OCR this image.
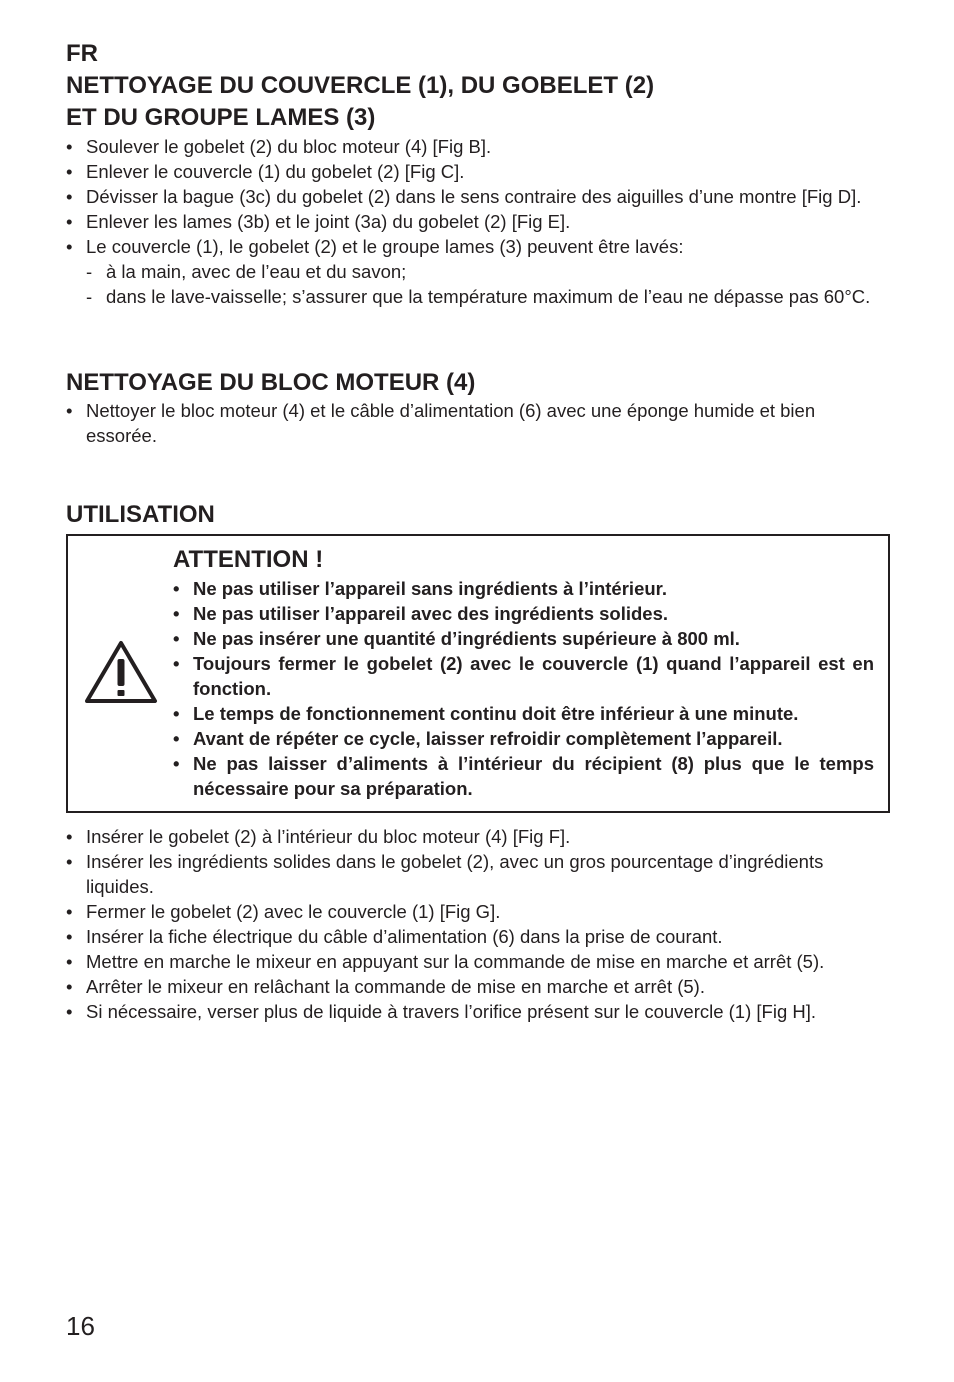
FR
NETTOYAGE DU COUVERCLE (1), DU GOBELET (2)
ET DU GROUPE LAMES (3)
• Soulever le gobelet (2) du bloc moteur (4) [Fig B].
• Enlever le couvercle (1) du gobelet (2) [Fig C].
• Dévisser la bague (3c) du gobelet (2) dans le sens contraire des aiguilles d’une montre [Fig D].
• Enlever les lames (3b) et le joint (3a) du gobelet (2) [Fig E].
• Le couvercle (1), le gobelet (2) et le groupe lames (3) peuvent être lavés:
- à la main, avec de l’eau et du savon;
- dans le lave-vaisselle; s’assurer que la température maximum de l’eau ne dépasse pas 60°C.
NETTOYAGE DU BLOC MOTEUR (4)
• Nettoyer le bloc moteur (4) et le câble d’alimentation (6) avec une éponge humide et bien essorée.
UTILISATION
ATTENTION !
• Ne pas utiliser l’appareil sans ingrédients à l’intérieur.
• Ne pas utiliser l’appareil avec des ingrédients solides.
• Ne pas insérer une quantité d’ingrédients supérieure à 800 ml.
• Toujours fermer le gobelet (2) avec le couvercle (1) quand l’appareil est en fonction.
• Le temps de fonctionnement continu doit être inférieur à une minute.
• Avant de répéter ce cycle, laisser refroidir complètement l’appareil.
• Ne pas laisser d’aliments à l’intérieur du récipient (8) plus que le temps nécessaire pour sa préparation.
• Insérer le gobelet (2) à l’intérieur du bloc moteur (4) [Fig F].
• Insérer les ingrédients solides dans le gobelet (2), avec un gros pourcentage d’ingrédients liquides.
• Fermer le gobelet (2) avec le couvercle (1) [Fig G].
• Insérer la fiche électrique du câble d’alimentation (6) dans la prise de courant.
• Mettre en marche le mixeur en appuyant sur la commande de mise en marche et arrêt (5).
• Arrêter le mixeur en relâchant la commande de mise en marche et arrêt (5).
• Si nécessaire, verser plus de liquide à travers l’orifice présent sur le couvercle (1) [Fig H].
16
